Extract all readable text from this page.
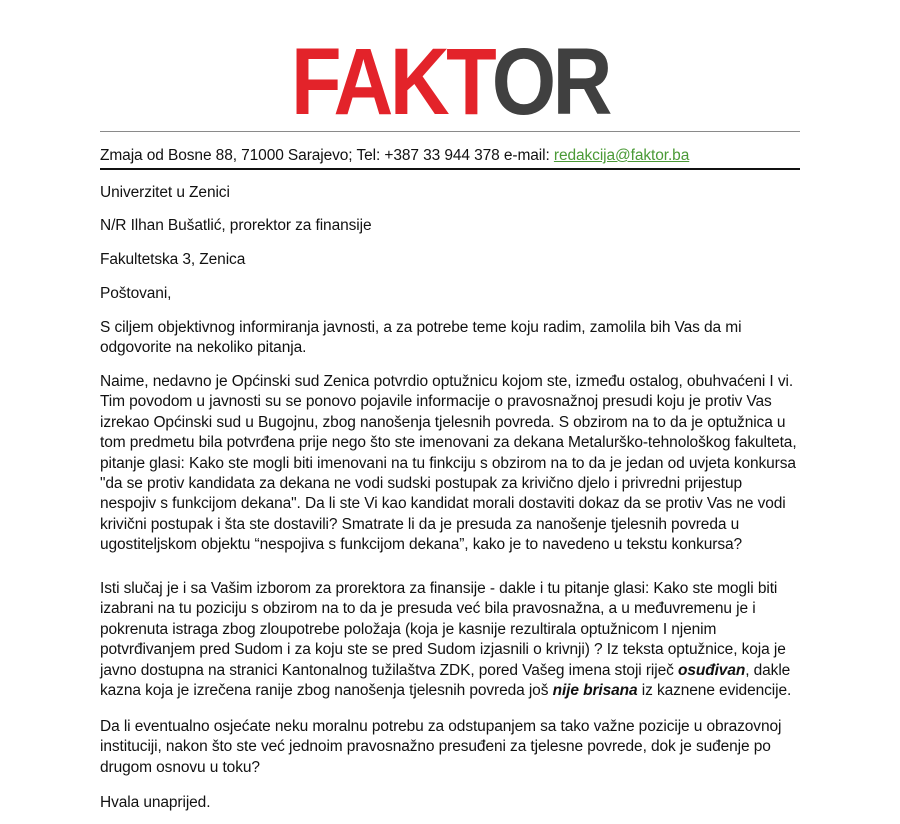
FAKTOR
Zmaja od Bosne 88, 71000 Sarajevo; Tel: +387 33 944 378 e-mail: redakcija@faktor.ba

Univerzitet u Zenici

N/R Ilhan Bušatlić, prorektor za finansije

Fakultetska 3, Zenica

Poštovani,

S ciljem objektivnog informiranja javnosti, a za potrebe teme koju radim, zamolila bih Vas da mi odgovorite na nekoliko pitanja.

Naime, nedavno je Općinski sud Zenica potvrdio optužnicu kojom ste, između ostalog, obuhvaćeni I vi. Tim povodom u javnosti su se ponovo pojavile informacije o pravosnažnoj presudi koju je protiv Vas izrekao Općinski sud u Bugojnu, zbog nanošenja tjelesnih povreda. S obzirom na to da je optužnica u tom predmetu bila potvrđena prije nego što ste imenovani za dekana Metalurško-tehnološkog fakulteta, pitanje glasi: Kako ste mogli biti imenovani na tu finkciju s obzirom na to da je jedan od uvjeta konkursa "da se protiv kandidata za dekana ne vodi sudski postupak za krivično djelo i privredni prijestup nespojiv s funkcijom dekana". Da li ste Vi kao kandidat morali dostaviti dokaz da se protiv Vas ne vodi krivični postupak i šta ste dostavili? Smatrate li da je presuda za nanošenje tjelesnih povreda u ugostiteljskom objektu “nespojiva s funkcijom dekana”, kako je to navedeno u tekstu konkursa?

Isti slučaj je i sa Vašim izborom za prorektora za finansije - dakle i tu pitanje glasi: Kako ste mogli biti izabrani na tu poziciju s obzirom na to da je presuda već bila pravosnažna, a u međuvremenu je i pokrenuta istraga zbog zloupotrebe položaja (koja je kasnije rezultirala optužnicom I njenim potvrđivanjem pred Sudom i za koju ste se pred Sudom izjasnili o krivnji) ? Iz teksta optužnice, koja je javno dostupna na stranici Kantonalnog tužilaštva ZDK, pored Vašeg imena stoji riječ osuđivan, dakle kazna koja je izrečena ranije zbog nanošenja tjelesnih povreda još nije brisana iz kaznene evidencije.

Da li eventualno osjećate neku moralnu potrebu za odstupanjem sa tako važne pozicije u obrazovnoj instituciji, nakon što ste već jednoim pravosnažno presuđeni za tjelesne povrede, dok je suđenje po drugom osnovu u toku?

Hvala unaprijed.
